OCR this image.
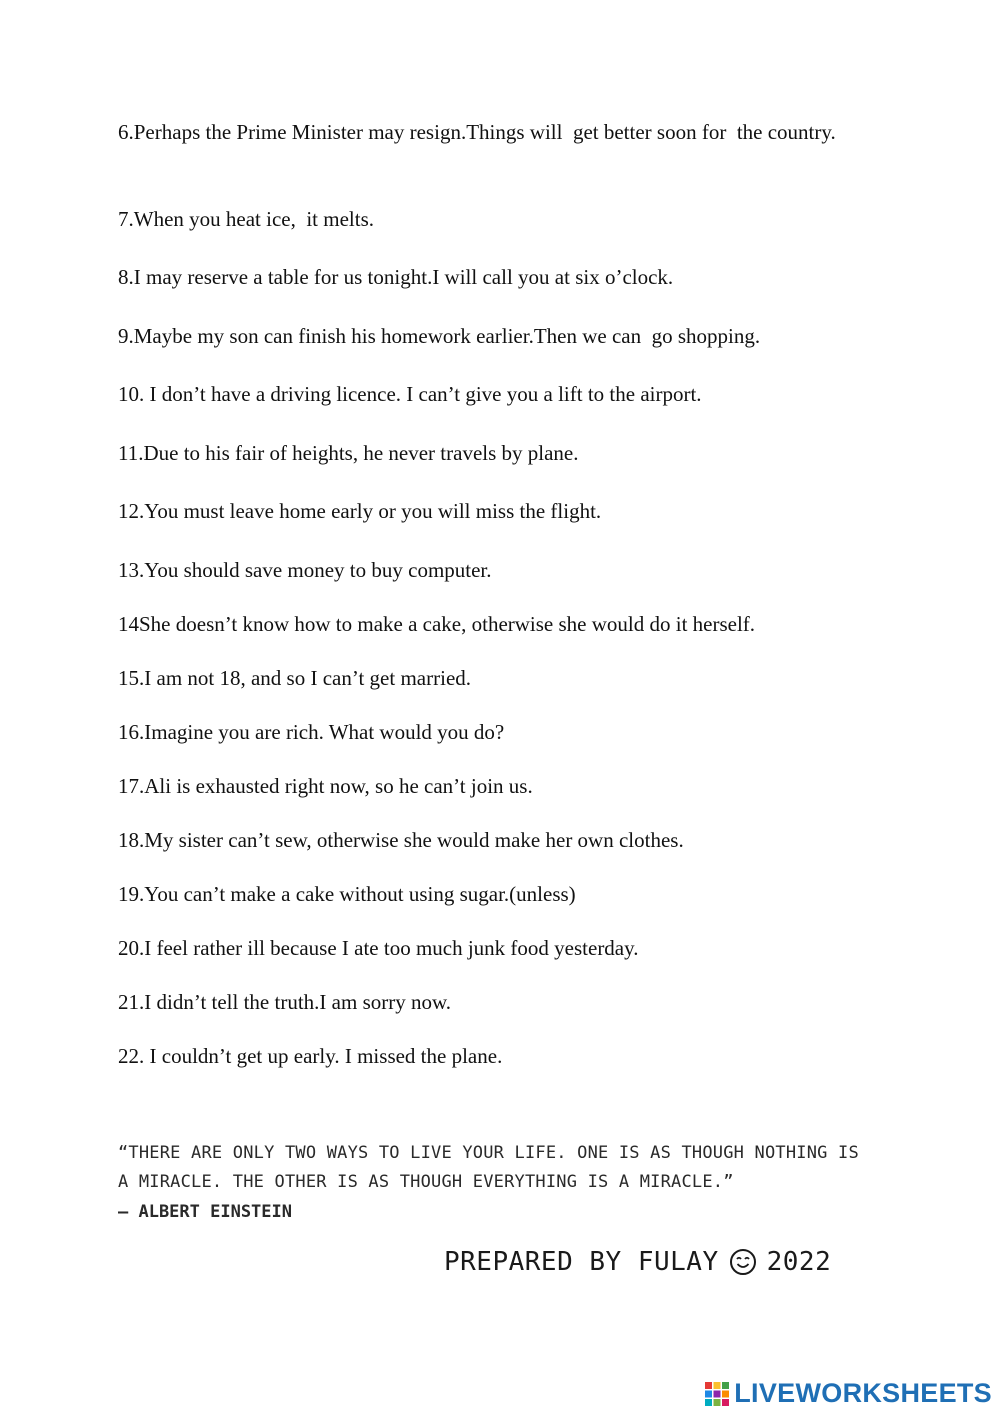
6.Perhaps the Prime Minister may resign.Things will  get better soon for  the country.

7.When you heat ice,  it melts.

8.I may reserve a table for us tonight.I will call you at six o’clock.

9.Maybe my son can finish his homework earlier.Then we can  go shopping.

10. I don’t have a driving licence. I can’t give you a lift to the airport.

11.Due to his fair of heights, he never travels by plane.

12.You must leave home early or you will miss the flight.

13.You should save money to buy computer.

14She doesn’t know how to make a cake, otherwise she would do it herself.

15.I am not 18, and so I can’t get married.

16.Imagine you are rich. What would you do?

17.Ali is exhausted right now, so he can’t join us.

18.My sister can’t sew, otherwise she would make her own clothes.

19.You can’t make a cake without using sugar.(unless)

20.I feel rather ill because I ate too much junk food yesterday.

21.I didn’t tell the truth.I am sorry now.

22. I couldn’t get up early. I missed the plane.

“THERE ARE ONLY TWO WAYS TO LIVE YOUR LIFE. ONE IS AS THOUGH NOTHING IS A MIRACLE. THE OTHER IS AS THOUGH EVERYTHING IS A MIRACLE.”

— ALBERT EINSTEIN

PREPARED BY FULAY 2022
LIVEWORKSHEETS
